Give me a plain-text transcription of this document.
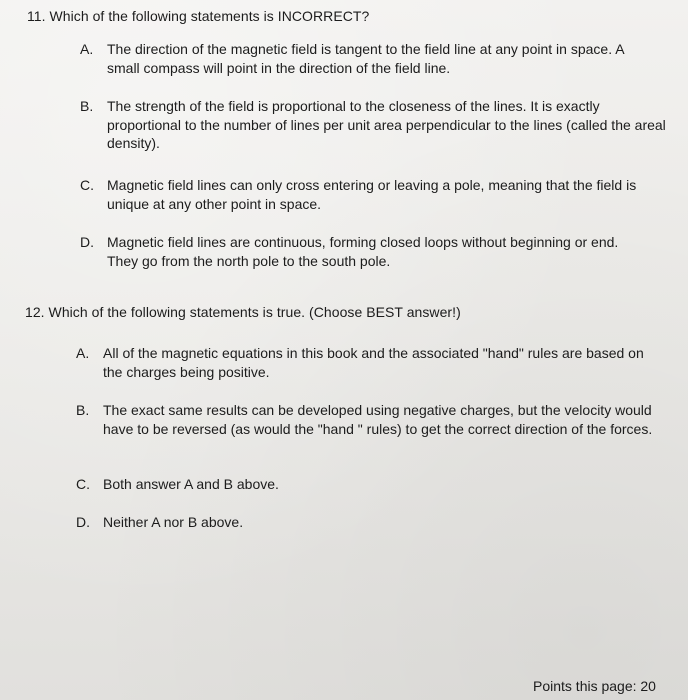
11. Which of the following statements is INCORRECT?
A. The direction of the magnetic field is tangent to the field line at any point in space. A small compass will point in the direction of the field line.
B. The strength of the field is proportional to the closeness of the lines. It is exactly proportional to the number of lines per unit area perpendicular to the lines (called the areal density).
C. Magnetic field lines can only cross entering or leaving a pole, meaning that the field is unique at any other point in space.
D. Magnetic field lines are continuous, forming closed loops without beginning or end. They go from the north pole to the south pole.
12. Which of the following statements is true. (Choose BEST answer!)
A. All of the magnetic equations in this book and the associated "hand" rules are based on the charges being positive.
B. The exact same results can be developed using negative charges, but the velocity would have to be reversed (as would the "hand " rules) to get the correct direction of the forces.
C. Both answer A and B above.
D. Neither A nor B above.
Points this page: 20
